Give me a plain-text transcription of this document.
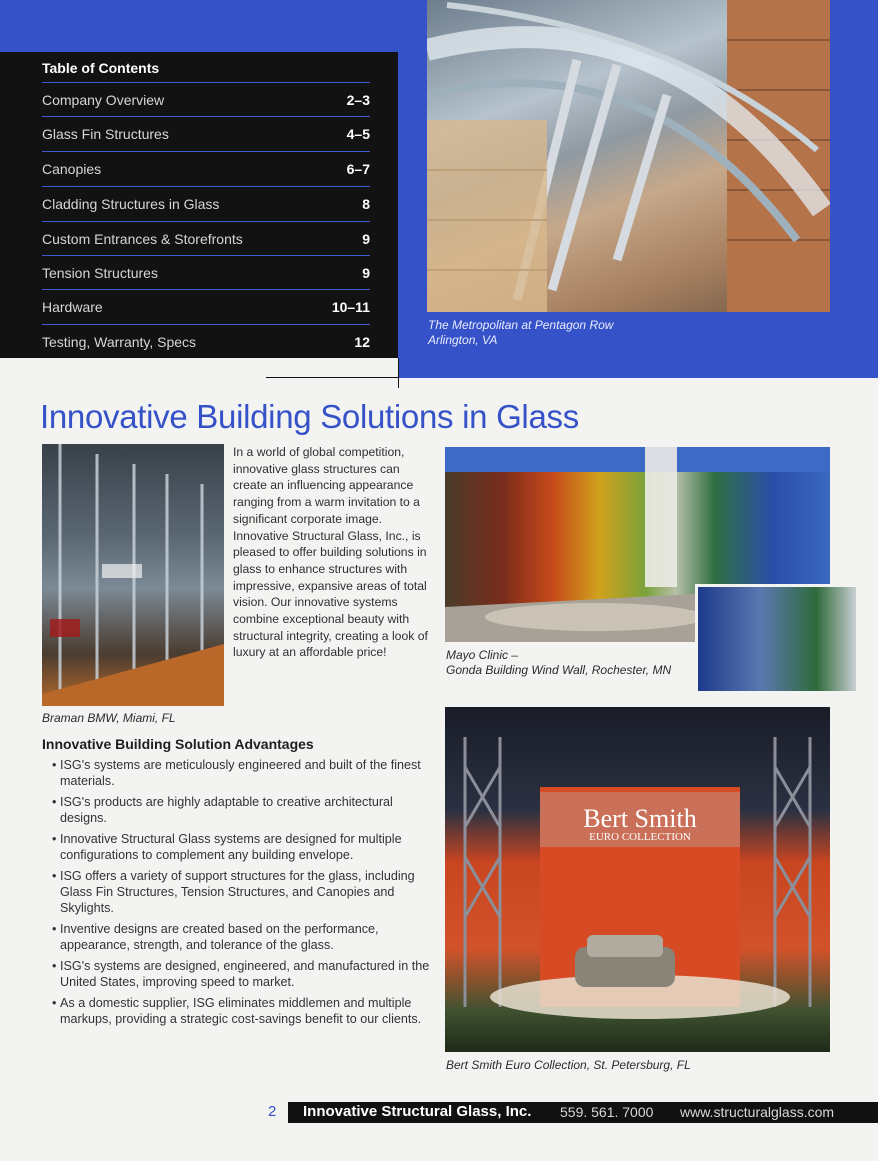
Table of Contents
Company Overview	2–3
Glass Fin Structures	4–5
Canopies	6–7
Cladding Structures in Glass	8
Custom Entrances & Storefronts	9
Tension Structures	9
Hardware	10–11
Testing, Warranty, Specs	12
The Metropolitan at Pentagon Row
Arlington, VA
Innovative Building Solutions in Glass
Braman BMW, Miami, FL
In a world of global competition, innovative glass structures can create an influencing appearance ranging from a warm invitation to a significant corporate image. Innovative Structural Glass, Inc., is pleased to offer building solutions in glass to enhance structures with impressive, expansive areas of total vision. Our innovative systems combine exceptional beauty with structural integrity, creating a look of luxury at an affordable price!	Mayo Clinic –
Gonda Building Wind Wall, Rochester, MN
Bert Smith
EURO COLLECTION
Bert Smith Euro Collection, St. Petersburg, FL
Innovative Building Solution Advantages
• ISG's systems are meticulously engineered and built of the finest materials.
• ISG's products are highly adaptable to creative architectural designs.
• Innovative Structural Glass systems are designed for multiple configurations to complement any building envelope.
• ISG offers a variety of support structures for the glass, including Glass Fin Structures, Tension Structures, and Canopies and Skylights.
• Inventive designs are created based on the performance, appearance, strength, and tolerance of the glass.
• ISG's systems are designed, engineered, and manufactured in the United States, improving speed to market.
• As a domestic supplier, ISG eliminates middlemen and multiple markups, providing a strategic cost-savings benefit to our clients.
2 Innovative Structural Glass, Inc. 559. 561. 7000 www.structuralglass.com
